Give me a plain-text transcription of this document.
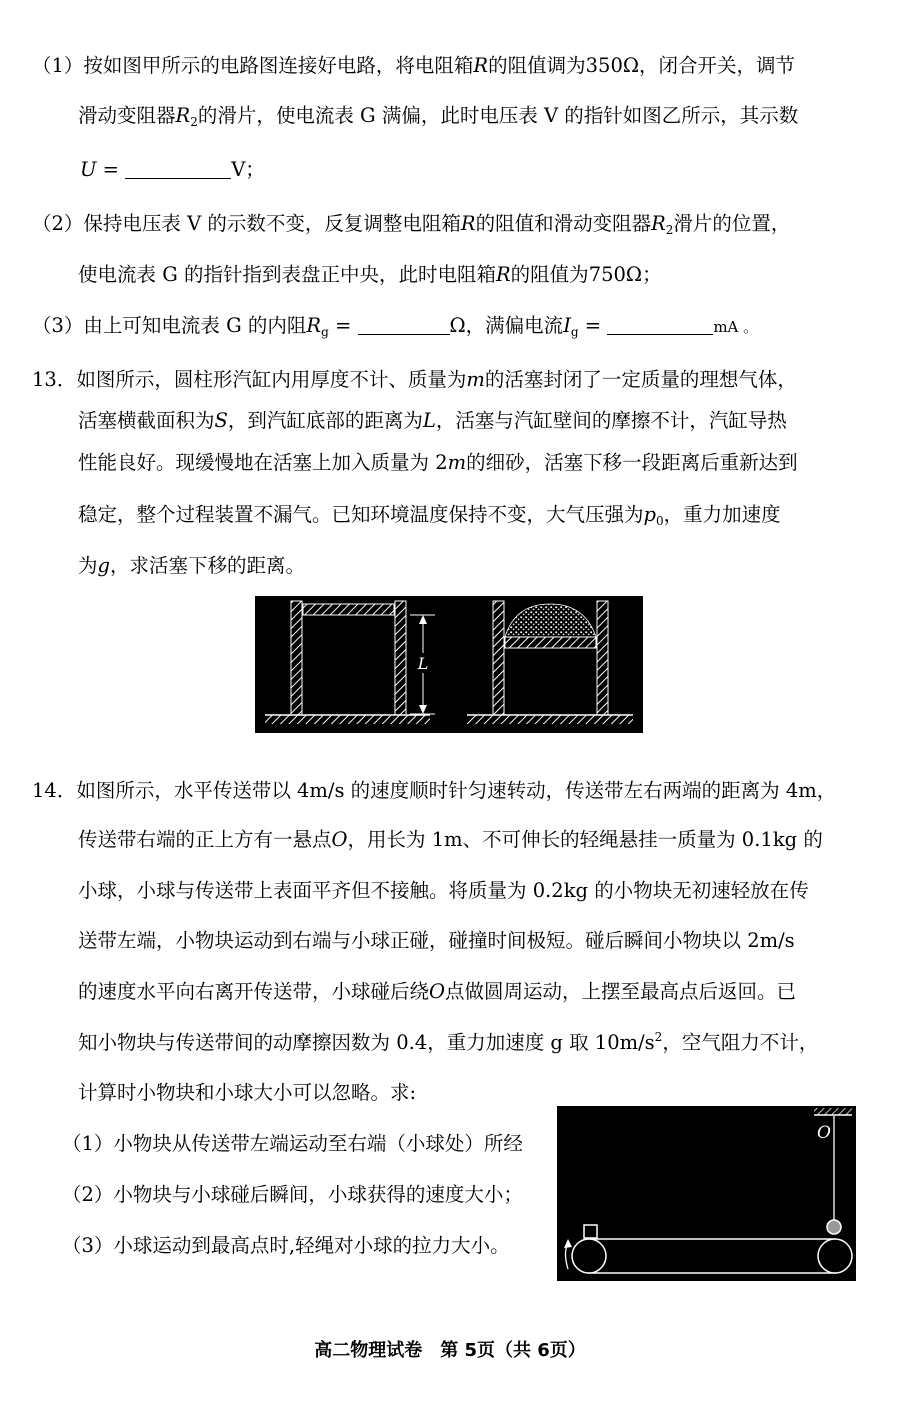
（1）按如图甲所示的电路图连接好电路，将电阻箱R的阻值调为350Ω，闭合开关，调节
滑动变阻器$R_2$的滑片，使电流表 G 满偏，此时电压表 V 的指针如图乙所示，其示数
U =	V；
（2）保持电压表 V 的示数不变，反复调整电阻箱R的阻值和滑动变阻器$R_2$滑片的位置，
使电流表 G 的指针指到表盘正中央，此时电阻箱R的阻值为750Ω；
（3）由上可知电流表 G 的内阻$R_g$ =	Ω，满偏电流$I_g$ =	mA 。
13．如图所示，圆柱形汽缸内用厚度不计、质量为m的活塞封闭了一定质量的理想气体，
活塞横截面积为S，到汽缸底部的距离为L，活塞与汽缸壁间的摩擦不计，汽缸导热
性能良好。现缓慢地在活塞上加入质量为 2m的细砂，活塞下移一段距离后重新达到
稳定，整个过程装置不漏气。已知环境温度保持不变，大气压强为$p_0$，重力加速度
为g，求活塞下移的距离。
L
14．如图所示，水平传送带以 4m/s 的速度顺时针匀速转动，传送带左右两端的距离为 4m，
传送带右端的正上方有一悬点O，用长为 1m、不可伸长的轻绳悬挂一质量为 0.1kg 的
小球，小球与传送带上表面平齐但不接触。将质量为 0.2kg 的小物块无初速轻放在传
送带左端，小物块运动到右端与小球正碰，碰撞时间极短。碰后瞬间小物块以 2m/s
的速度水平向右离开传送带，小球碰后绕O点做圆周运动，上摆至最高点后返回。已
知小物块与传送带间的动摩擦因数为 0.4，重力加速度 g 取 $10m/s^2$，空气阻力不计，
计算时小物块和小球大小可以忽略。求:
（1）小物块从传送带左端运动至右端（小球处）所经
（2）小物块与小球碰后瞬间，小球获得的速度大小；
（3）小球运动到最高点时,轻绳对小球的拉力大小。
O
高二物理试卷　第 5页（共 6页）
